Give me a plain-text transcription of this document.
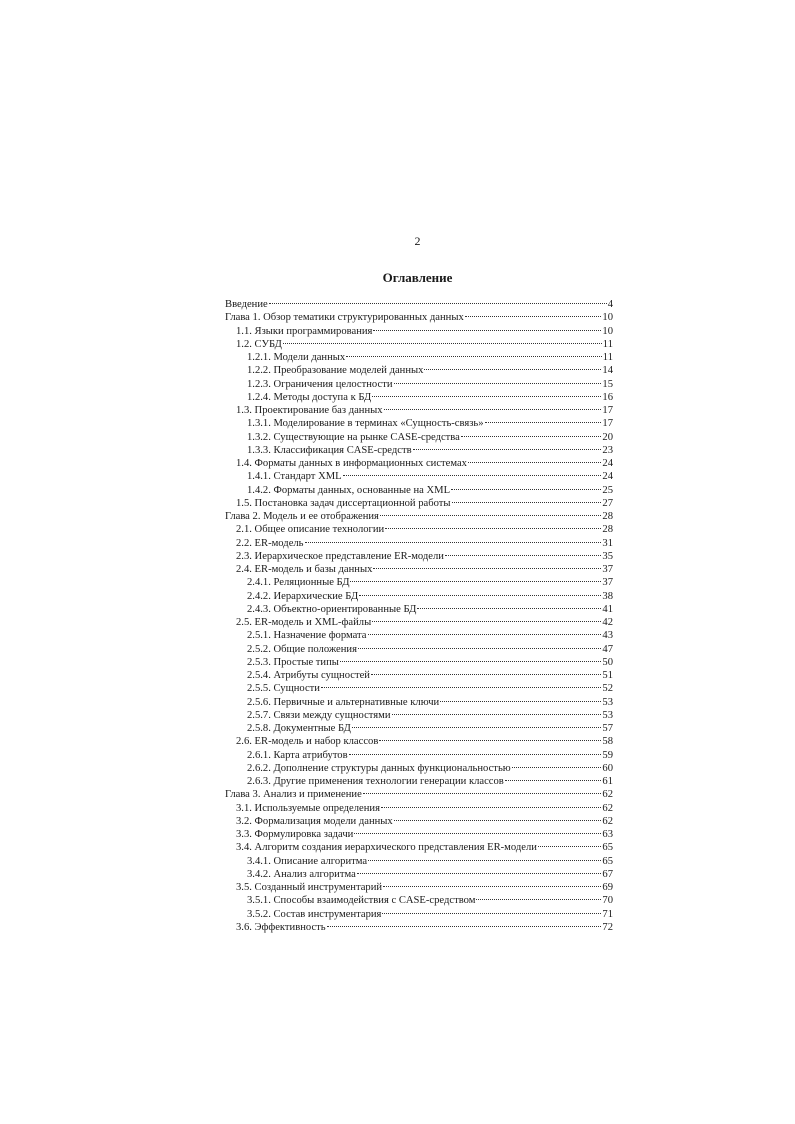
2
Оглавление
Введение	4
Глава 1. Обзор тематики структурированных данных	10
1.1. Языки программирования	10
1.2. СУБД	11
1.2.1. Модели данных	11
1.2.2. Преобразование моделей данных	14
1.2.3. Ограничения целостности	15
1.2.4. Методы доступа к БД	16
1.3. Проектирование баз данных	17
1.3.1. Моделирование в терминах «Сущность-связь»	17
1.3.2. Существующие на рынке CASE-средства	20
1.3.3. Классификация CASE-средств	23
1.4. Форматы данных в информационных системах	24
1.4.1. Стандарт XML	24
1.4.2. Форматы данных, основанные на XML	25
1.5. Постановка задач диссертационной работы	27
Глава 2. Модель и ее отображения	28
2.1. Общее описание технологии	28
2.2. ER-модель	31
2.3. Иерархическое представление ER-модели	35
2.4. ER-модель и базы данных	37
2.4.1. Реляционные БД	37
2.4.2. Иерархические БД	38
2.4.3. Объектно-ориентированные БД	41
2.5. ER-модель и XML-файлы	42
2.5.1. Назначение формата	43
2.5.2. Общие положения	47
2.5.3. Простые типы	50
2.5.4. Атрибуты сущностей	51
2.5.5. Сущности	52
2.5.6. Первичные и альтернативные ключи	53
2.5.7. Связи между сущностями	53
2.5.8. Документные БД	57
2.6. ER-модель и набор классов	58
2.6.1. Карта атрибутов	59
2.6.2. Дополнение структуры данных функциональностью	60
2.6.3. Другие применения технологии генерации классов	61
Глава 3. Анализ и применение	62
3.1. Используемые определения	62
3.2. Формализация модели данных	62
3.3. Формулировка задачи	63
3.4. Алгоритм создания иерархического представления ER-модели	65
3.4.1. Описание алгоритма	65
3.4.2. Анализ алгоритма	67
3.5. Созданный инструментарий	69
3.5.1. Способы взаимодействия с CASE-средством	70
3.5.2. Состав инструментария	71
3.6. Эффективность	72
